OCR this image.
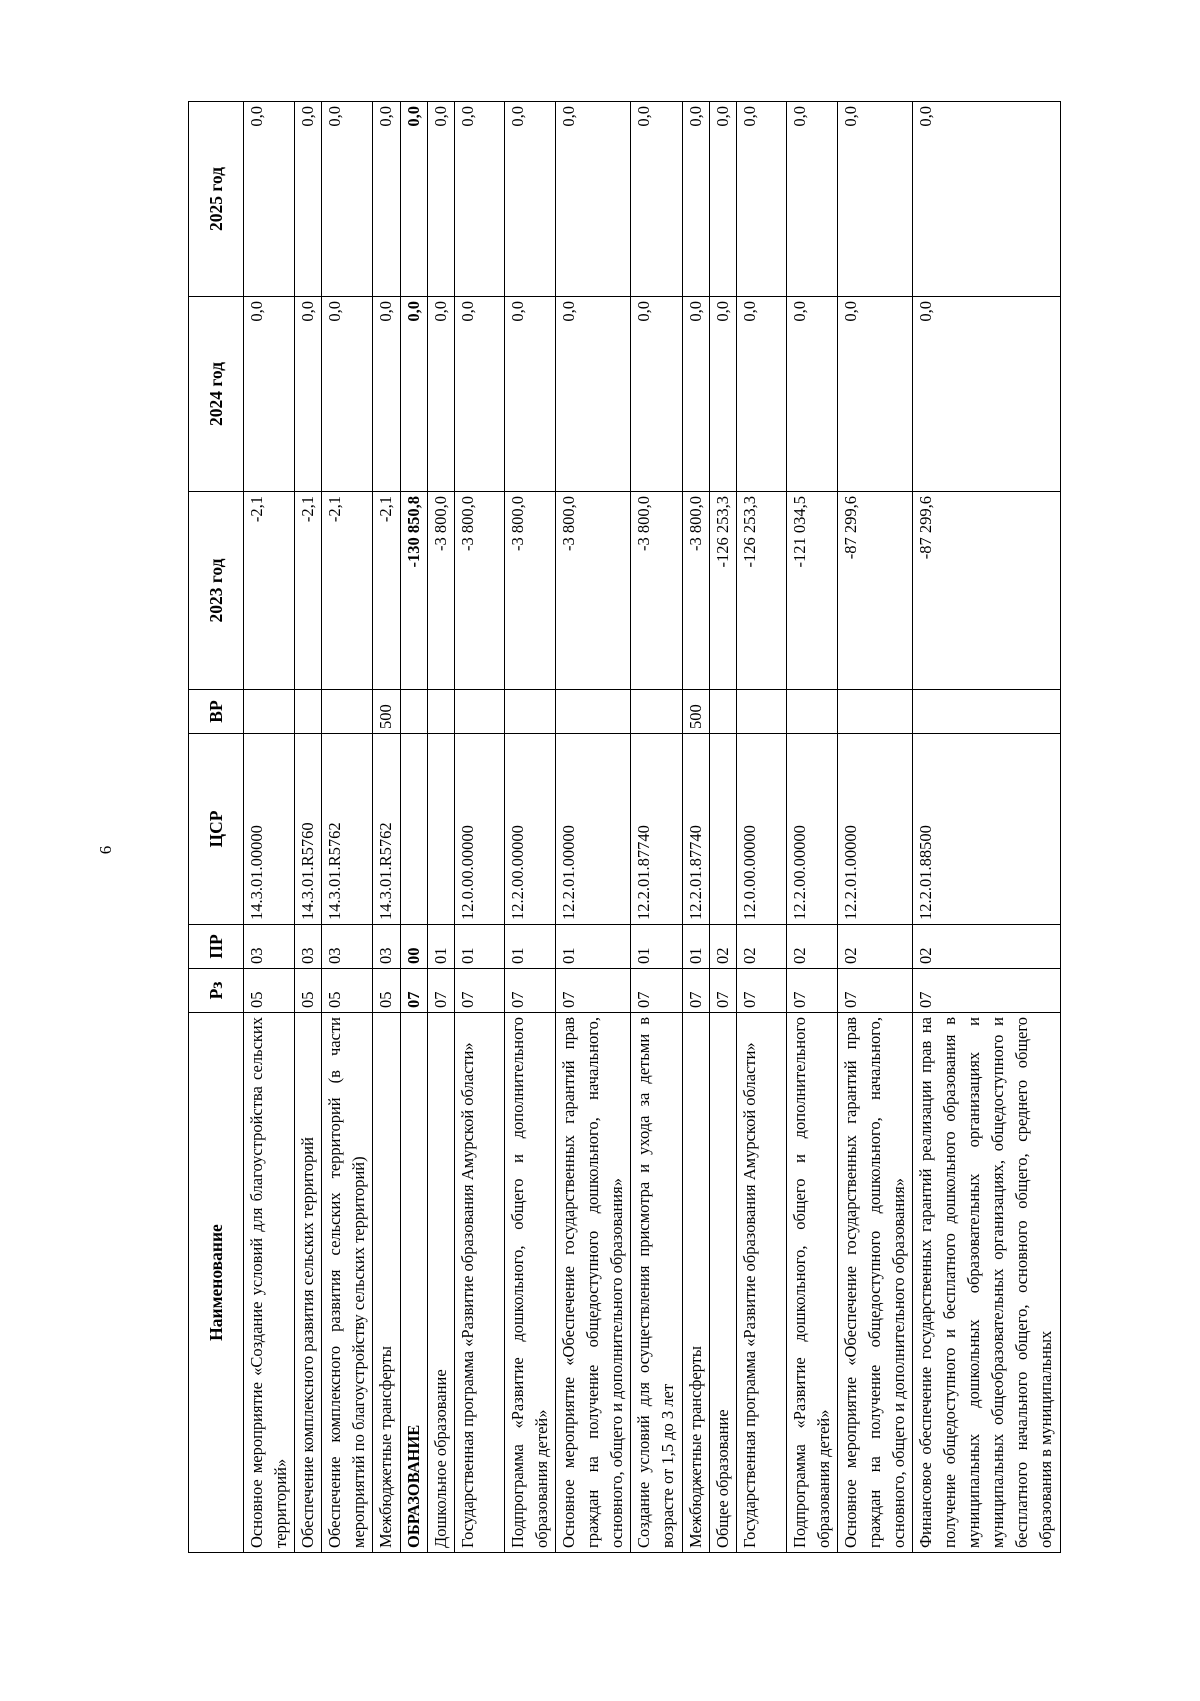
6
Наименование	Рз	ПР	ЦСР	ВР	2023 год	2024 год	2025 год
Основное мероприятие «Создание условий для благоустройства сельских территорий»	05	03	14.3.01.00000		-2,1	0,0	0,0
Обеспечение комплексного развития сельских территорий	05	03	14.3.01.R5760		-2,1	0,0	0,0
Обеспечение комплексного развития сельских территорий (в части мероприятий по благоустройству сельских территорий)	05	03	14.3.01.R5762		-2,1	0,0	0,0
Межбюджетные трансферты	05	03	14.3.01.R5762	500	-2,1	0,0	0,0
ОБРАЗОВАНИЕ	07	00			-130 850,8	0,0	0,0
Дошкольное образование	07	01			-3 800,0	0,0	0,0
Государственная программа «Развитие образования Амурской области»	07	01	12.0.00.00000		-3 800,0	0,0	0,0
Подпрограмма «Развитие дошкольного, общего и дополнительного образования детей»	07	01	12.2.00.00000		-3 800,0	0,0	0,0
Основное мероприятие «Обеспечение государственных гарантий прав граждан на получение общедоступного дошкольного, начального, основного, общего и дополнительного образования»	07	01	12.2.01.00000		-3 800,0	0,0	0,0
Создание условий для осуществления присмотра и ухода за детьми в возрасте от 1,5 до 3 лет	07	01	12.2.01.87740		-3 800,0	0,0	0,0
Межбюджетные трансферты	07	01	12.2.01.87740	500	-3 800,0	0,0	0,0
Общее образование	07	02			-126 253,3	0,0	0,0
Государственная программа «Развитие образования Амурской области»	07	02	12.0.00.00000		-126 253,3	0,0	0,0
Подпрограмма «Развитие дошкольного, общего и дополнительного образования детей»	07	02	12.2.00.00000		-121 034,5	0,0	0,0
Основное мероприятие «Обеспечение государственных гарантий прав граждан на получение общедоступного дошкольного, начального, основного, общего и дополнительного образования»	07	02	12.2.01.00000		-87 299,6	0,0	0,0
Финансовое обеспечение государственных гарантий реализации прав на получение общедоступного и бесплатного дошкольного образования в муниципальных дошкольных образовательных организациях и муниципальных общеобразовательных организациях, общедоступного и бесплатного начального общего, основного общего, среднего общего образования в муниципальных	07	02	12.2.01.88500		-87 299,6	0,0	0,0
